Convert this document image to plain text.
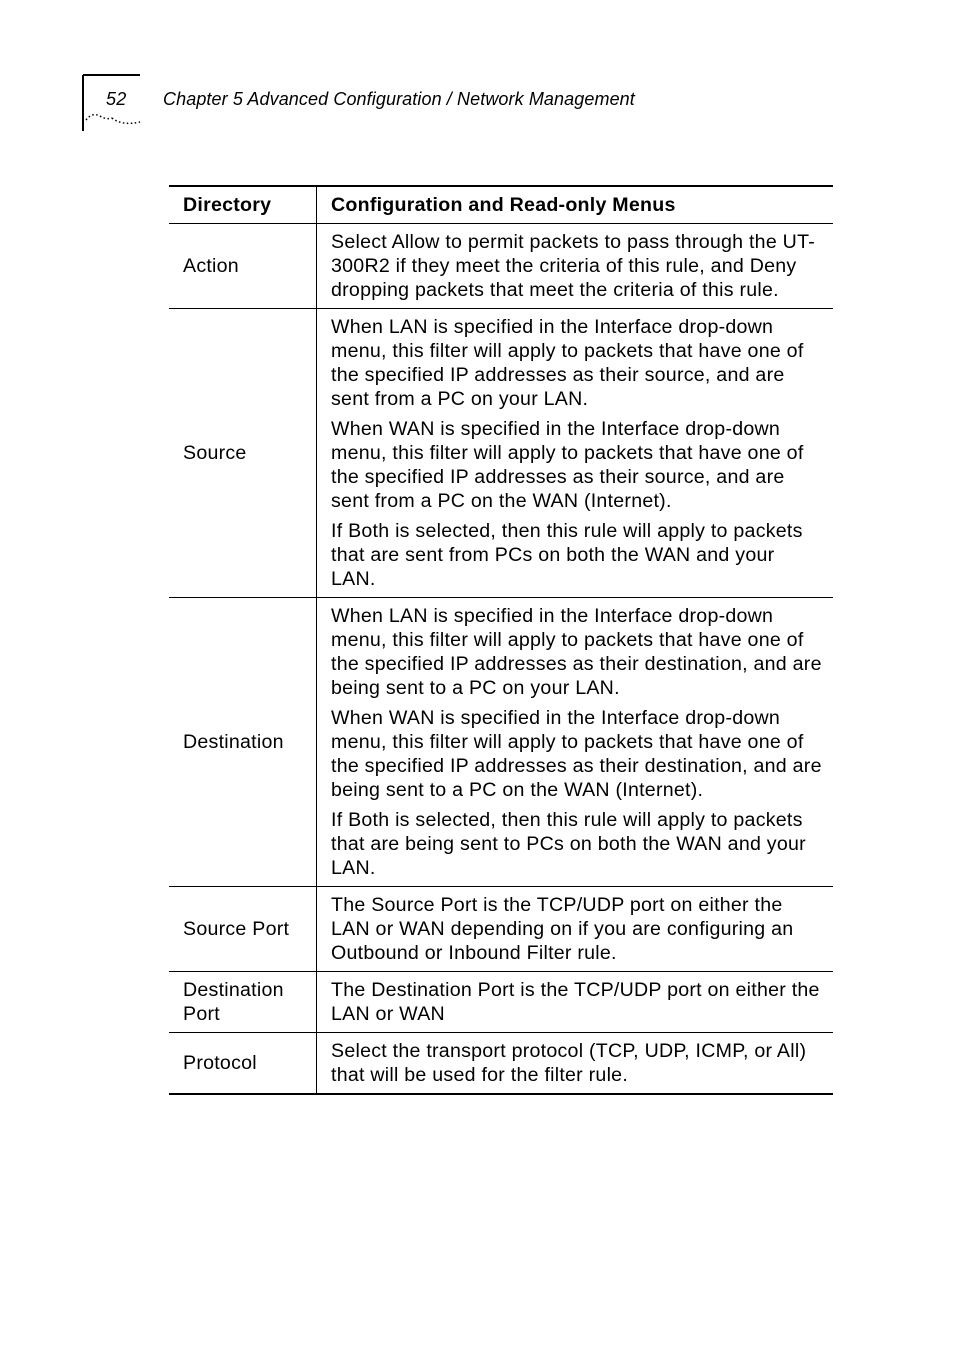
52 Chapter 5 Advanced Configuration / Network Management
Directory	Configuration and Read-only Menus
Action	Select Allow to permit packets to pass through the UT-300R2 if they meet the criteria of this rule, and Deny dropping packets that meet the criteria of this rule.

Source	When LAN is specified in the Interface drop-down menu, this filter will apply to packets that have one of the specified IP addresses as their source, and are sent from a PC on your LAN.

When WAN is specified in the Interface drop-down menu, this filter will apply to packets that have one of the specified IP addresses as their source, and are sent from a PC on the WAN (Internet).

If Both is selected, then this rule will apply to packets that are sent from PCs on both the WAN and your LAN.

Destination	When LAN is specified in the Interface drop-down menu, this filter will apply to packets that have one of the specified IP addresses as their destination, and are being sent to a PC on your LAN.

When WAN is specified in the Interface drop-down menu, this filter will apply to packets that have one of the specified IP addresses as their destination, and are being sent to a PC on the WAN (Internet).

If Both is selected, then this rule will apply to packets that are being sent to PCs on both the WAN and your LAN.

Source Port	The Source Port is the TCP/UDP port on either the LAN or WAN depending on if you are configuring an Outbound or Inbound Filter rule.

Destination Port	The Destination Port is the TCP/UDP port on either the LAN or WAN

Protocol	Select the transport protocol (TCP, UDP, ICMP, or All) that will be used for the filter rule.
